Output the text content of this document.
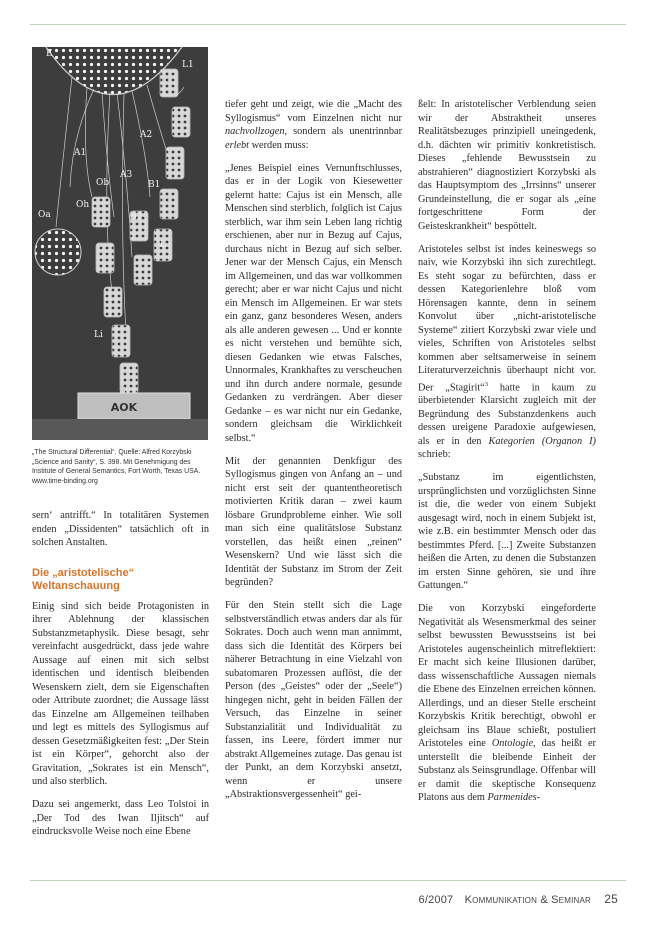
AOK
E
L1
A1
A2
A3
B1
B2
Oa
Oh
Ob
L
Li
„The Structural Differential“. Quelle: Alfred Korzybski „Science and Sanity“, S. 398. Mit Genehmigung des Institute of General Semantics, Fort Worth, Texas USA. www.time-binding.org

sern‘ antrifft.“ In totalitären Systemen enden „Dissidenten“ tatsächlich oft in solchen Anstalten.

Die „aristotelische“
Weltanschauung

Einig sind sich beide Protagonisten in ihrer Ablehnung der klassischen Substanzmetaphysik. Diese besagt, sehr vereinfacht ausgedrückt, dass jede wahre Aussage auf einen mit sich selbst identischen und identisch bleibenden Wesenskern zielt, dem sie Eigenschaften oder Attribute zuordnet; die Aussage lässt das Einzelne am Allgemeinen teilhaben und legt es mittels des Syllogismus auf dessen Gesetzmäßigkeiten fest: „Der Stein ist ein Körper“, gehorcht also der Gravitation, „Sokrates ist ein Mensch“, und also sterblich.

Dazu sei angemerkt, dass Leo Tolstoi in „Der Tod des Iwan Iljitsch“ auf eindrucksvolle Weise noch eine Ebene

tiefer geht und zeigt, wie die „Macht des Syllogismus“ vom Einzelnen nicht nur nachvollzogen, sondern als unentrinnbar erlebt werden muss:

„Jenes Beispiel eines Vernunftschlusses, das er in der Logik von Kiesewetter gelernt hatte: Cajus ist ein Mensch, alle Menschen sind sterblich, folglich ist Cajus sterblich, war ihm sein Leben lang richtig erschienen, aber nur in Bezug auf Cajus, durchaus nicht in Bezug auf sich selber. Jener war der Mensch Cajus, ein Mensch im Allgemeinen, und das war vollkommen gerecht; aber er war nicht Cajus und nicht ein Mensch im Allgemeinen. Er war stets ein ganz, ganz besonderes Wesen, anders als alle anderen gewesen ... Und er konnte es nicht verstehen und bemühte sich, diesen Gedanken wie etwas Falsches, Unnormales, Krankhaftes zu verscheuchen und ihn durch andere normale, gesunde Gedanken zu verdrängen. Aber dieser Gedanke – es war nicht nur ein Gedanke, sondern gleichsam die Wirklichkeit selbst.“

Mit der genannten Denkfigur des Syllogismus gingen von Anfang an – und nicht erst seit der quantentheoretisch motivierten Kritik daran – zwei kaum lösbare Grundprobleme einher. Wie soll man sich eine qualitätslose Substanz vorstellen, das heißt einen „reinen“ Wesenskern? Und wie lässt sich die Identität der Substanz im Strom der Zeit begründen?

Für den Stein stellt sich die Lage selbstverständlich etwas anders dar als für Sokrates. Doch auch wenn man annimmt, dass sich die Identität des Körpers bei näherer Betrachtung in eine Vielzahl von subatomaren Prozessen auflöst, die der Person (des „Geistes“ oder der „Seele“) hingegen nicht, geht in beiden Fällen der Versuch, das Einzelne in seiner Substanzialität und Individualität zu fassen, ins Leere, fördert immer nur abstrakt Allgemeines zutage. Das genau ist der Punkt, an dem Korzybski ansetzt, wenn er unsere „Abstraktionsvergessenheit“ gei-

ßelt: In aristotelischer Verblendung seien wir der Abstraktheit unseres Realitätsbezuges prinzipiell uneingedenk, d.h. dächten wir primitiv konkretistisch. Dieses „fehlende Bewusstsein zu abstrahieren“ diagnostiziert Korzybski als das Hauptsymptom des „Irrsinns“ unserer Grundeinstellung, die er sogar als „eine fortgeschrittene Form der Geisteskrankheit“ bespöttelt.

Aristoteles selbst ist indes keineswegs so naiv, wie Korzybski ihn sich zurechtlegt. Es steht sogar zu befürchten, dass er dessen Kategorienlehre bloß vom Hörensagen kannte, denn in seinem Konvolut über „nicht-aristotelische Systeme“ zitiert Korzybski zwar viele und vieles, Schriften von Aristoteles selbst kommen aber seltsamerweise in seinem Literaturverzeichnis überhaupt nicht vor. Der „Stagirit“$^3$ hatte in kaum zu überbietender Klarsicht zugleich mit der Begründung des Substanzdenkens auch dessen ureigene Paradoxie aufgewiesen, als er in den Kategorien (Organon I) schrieb:

„Substanz im eigentlichsten, ursprünglichsten und vorzüglichsten Sinne ist die, die weder von einem Subjekt ausgesagt wird, noch in einem Subjekt ist, wie z.B. ein bestimmter Mensch oder das bestimmtes Pferd. [...] Zweite Substanzen heißen die Arten, zu denen die Substanzen im ersten Sinne gehören, sie und ihre Gattungen.“

Die von Korzybski eingeforderte Negativität als Wesensmerkmal des seiner selbst bewussten Bewusstseins ist bei Aristoteles augenscheinlich mitreflektiert: Er macht sich keine Illusionen darüber, dass wissenschaftliche Aussagen niemals die Ebene des Einzelnen erreichen können. Allerdings, und an dieser Stelle erscheint Korzybskis Kritik berechtigt, obwohl er gleichsam ins Blaue schießt, postuliert Aristoteles eine Ontologie, das heißt er unterstellt die bleibende Einheit der Substanz als Seinsgrundlage. Offenbar will er damit die skeptische Konsequenz Platons aus dem Parmenides-

6/2007 Kommunikation & Seminar 25
